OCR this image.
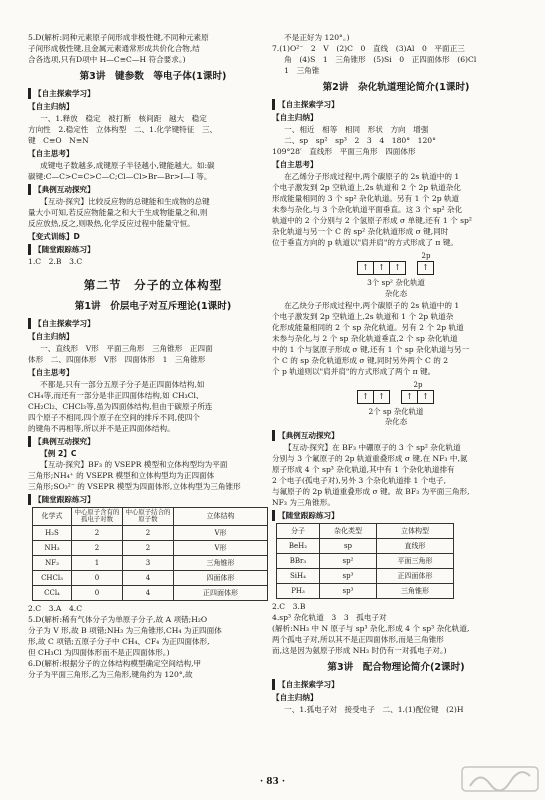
5.D(解析:同种元素原子间形成非极性键,不同种元素原

子间形成极性键,且金属元素通常形成共价化合物,结

合各选项,只有D项中 H—C≡C—H 符合要求。)

第3讲　键参数　等电子体(1课时)
【自主探索学习】
【自主归纳】

一、1.释放　稳定　被打断　核间距　越大　稳定

方向性　2.稳定性　立体构型　二、1.化学键特征　三、

键　C≡O　N≡N

【自主思考】

成键电子数越多,成键原子半径越小,键能越大。如:碳

碳键:C—C>C=C>C—C;Cl—Cl>Br—Br>I—I 等。

【典例互动探究】

【互动·探究】比较反应物的总键能和生成物的总键

量大小可知,若反应物能量之和大于生成物能量之和,则

反应放热,反之,则吸热,化学反应过程中能量守恒。

【变式训练】D
【随堂跟踪练习】

1.C　2.B　3.C

第二节　分子的立体构型
第1讲　价层电子对互斥理论(1课时)
【自主探索学习】
【自主归纳】

一、直线形　V形　平面三角形　三角锥形　正四面

体形　二、四面体形　V形　四面体形　1　三角锥形

【自主思考】

不都是,只有一部分五原子分子是正四面体结构,如

CH₄等,而还有一部分是非正四面体结构,如 CH₃Cl、

CH₂Cl₂、CHCl₃等,虽为四面体结构,但由于碳原子所连

四个原子不相同,四个原子在空间的排斥不同,使四个

的键角不再相等,所以并不是正四面体结构。

【典例互动探究】

【例 2】C

【互动·探究】BF₃ 的 VSEPR 模型和立体构型均为平面

三角形;NH₄⁺ 的 VSEPR 模型和立体构型均为正四面体

三角形;SO₃²⁻ 的 VSEPR 模型为四面体形,立体构型为三角锥形

【随堂跟踪练习】
化学式	中心原子含有的孤电子对数	中心原子结合的原子数	立体结构
H₂S	2	2	V形
NH₃	2	2	V形
NF₃	1	3	三角锥形
CHCl₃	0	4	四面体形
CCl₄	0	4	正四面体形

2.C　3.A　4.C

5.D(解析:稀有气体分子为单原子分子,故 A 项错;H₂O

分子为 V 形,故 B 项错;NH₃ 为三角锥形,CH₄ 为正四面体

形,故 C 项错;五原子分子中 CH₄、CF₄ 为正四面体形,

但 CH₃Cl 为四面体形而不是正四面体形。)

6.D(解析:根据分子的立体结构模型确定空间结构,甲

分子为平面三角形,乙为三角形,键角约为 120°,故

不是正好为 120°。)

7.(1)O²⁻　2　V　(2)C　0　直线　(3)Al　0　平面正三

角　(4)S　1　三角锥形　(5)Si　0　正四面体形　(6)Cl

1　三角锥

第2讲　杂化轨道理论简介(1课时)
【自主探索学习】
【自主归纳】

一、相近　相等　相同　形状　方向　增强

二、sp　sp²　sp³　2　3　4　180°　120°

109°28′　直线形　平面三角形　四面体形

【自主思考】

在乙烯分子形成过程中,两个碳原子的 2s 轨道中的 1

个电子激发到 2p 空轨道上,2s 轨道和 2 个 2p 轨道杂化

形成能量相同的 3 个 sp² 杂化轨道。另有 1 个 2p 轨道

未参与杂化,与 3 个杂化轨道平面垂直。这 3 个 sp² 杂化

轨道中的 2 个分别与 2 个氢原子形成 σ 单键,还有 1 个 sp²

杂化轨道与另一个 C 的 sp² 杂化轨道形成 σ 键,同时

位于垂直方向的 p 轨道以"肩并肩"的方式形成了 π 键。

↑	↑	↑
2p
↑
3个 sp² 杂化轨道
杂化态

在乙炔分子形成过程中,两个碳原子的 2s 轨道中的 1

个电子激发到 2p 空轨道上,2s 轨道和 1 个 2p 轨道杂

化形成能量相同的 2 个 sp 杂化轨道。另有 2 个 2p 轨道

未参与杂化,与 2 个 sp 杂化轨道垂直,2 个 sp 杂化轨道

中的 1 个与氢原子形成 σ 键,还有 1 个 sp 杂化轨道与另一

个 C 的 sp 杂化轨道形成 σ 键,同时另外两个 C 的 2

个 p 轨道则以"肩并肩"的方式形成了两个 π 键。

↑	↑
2p
↑	↑
2个 sp 杂化轨道
杂化态
【典例互动探究】

【互动·探究】在 BF₃ 中硼原子的 3 个 sp² 杂化轨道

分别与 3 个氟原子的 2p 轨道重叠形成 σ 键,在 NF₃ 中,氮

原子形成 4 个 sp³ 杂化轨道,其中有 1 个杂化轨道排有

2 个电子(孤电子对),另外 3 个杂化轨道排 1 个电子,

与氟原子的 2p 轨道重叠形成 σ 键。故 BF₃ 为平面三角形,

NF₃ 为三角锥形。

【随堂跟踪练习】
分子	杂化类型	立体构型
BeH₂	sp	直线形
BBr₃	sp²	平面三角形
SiH₄	sp³	正四面体形
PH₃	sp³	三角锥形

2.C　3.B

4.sp³ 杂化轨道　3　3　孤电子对

(解析:NH₃ 中 N 原子与 sp³ 杂化,形成 4 个 sp³ 杂化轨道,

两个孤电子对,所以其不是正四面体形,而是三角锥形

而,这是因为氨原子形成 NH₃ 时仍有一对孤电子对。)

第3讲　配合物理论简介(2课时)
【自主探索学习】
【自主归纳】

一、1.孤电子对　接受电子　二、1.(1)配位键　(2)H

· 83 ·
